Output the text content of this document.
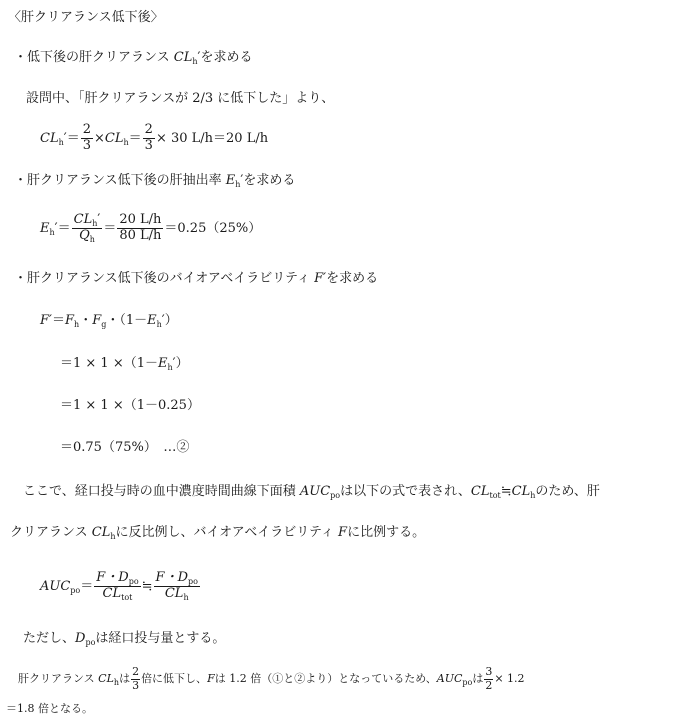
〈肝クリアランス低下後〉
・低下後の肝クリアランス $CL_h'$を求める
設問中、「肝クリアランスが 2/3 に低下した」より、
$CL_h'= \frac{2}{3} \times CL_h= \frac{2}{3} \times 30$ L/h＝20 L/h
・肝クリアランス低下後の肝抽出率 $E_h'$を求める
$E_h'= \frac{CL_h'}{Q_h} = \frac{20 L/h}{80 L/h} =0.25(25\%)$
・肝クリアランス低下後のバイオアベイラビリティ F′を求める
$F'=F_h$・$F_g$・$(1-E_h')$
$=1 \times 1 \times(1-E_h')$
＝1 × 1 ×（1－0.25）
＝0.75（75%）　…②
　ここで、経口投与時の血中濃度時間曲線下面積 $AUC_{po}$は以下の式で表され、$CL_{tot}≒CL_h$のため、肝
クリアランス $CL_h$に反比例し、バイオアベイラビリティ Fに比例する。
$AUC_{po}= \frac{F・D_{po}}{CL_{tot}}$ ≒ $\frac{F・D_{po}}{CL_h}$
　ただし、$D_{po}$は経口投与量とする。
肝クリアランス $CL_h$は $\frac{2}{3}$ 倍に低下し、Fは 1.2 倍（①と②より）となっているため、$AUC_{po}$は $\frac{3}{2} \times 1.2$
＝1.8 倍となる。
